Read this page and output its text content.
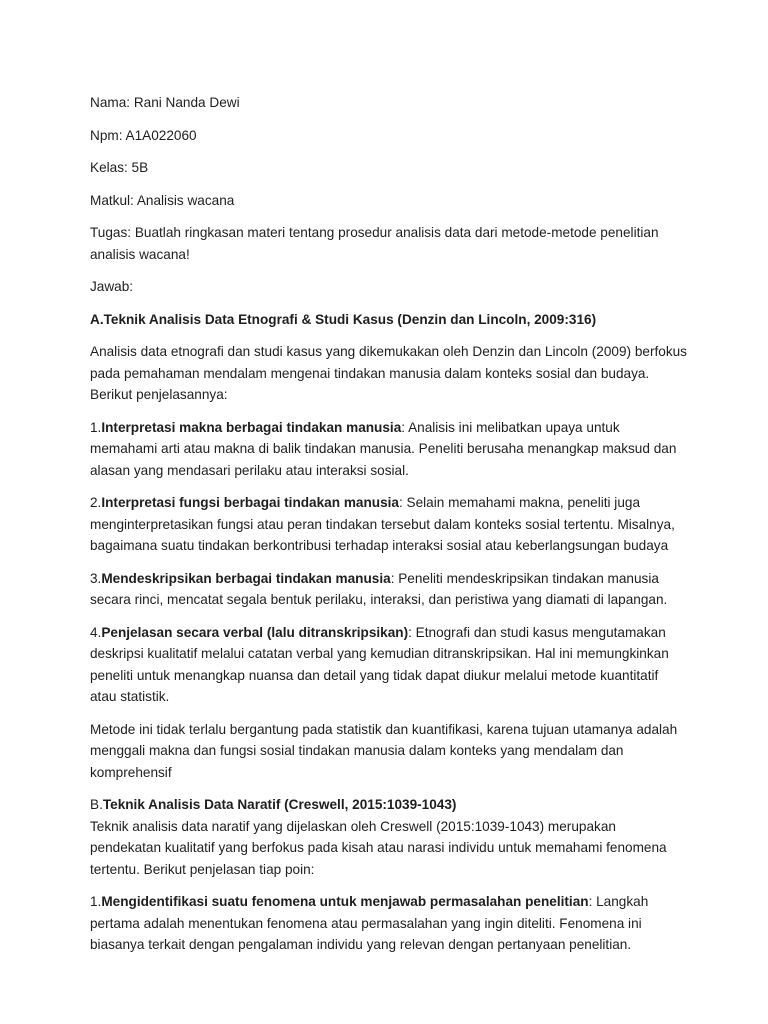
Nama: Rani Nanda Dewi

Npm: A1A022060

Kelas: 5B

Matkul: Analisis wacana

Tugas: Buatlah ringkasan materi tentang prosedur analisis data dari metode-metode penelitian analisis wacana!

Jawab:

A.Teknik Analisis Data Etnografi & Studi Kasus (Denzin dan Lincoln, 2009:316)

Analisis data etnografi dan studi kasus yang dikemukakan oleh Denzin dan Lincoln (2009) berfokus pada pemahaman mendalam mengenai tindakan manusia dalam konteks sosial dan budaya. Berikut penjelasannya:

1.Interpretasi makna berbagai tindakan manusia: Analisis ini melibatkan upaya untuk memahami arti atau makna di balik tindakan manusia. Peneliti berusaha menangkap maksud dan alasan yang mendasari perilaku atau interaksi sosial.

2.Interpretasi fungsi berbagai tindakan manusia: Selain memahami makna, peneliti juga menginterpretasikan fungsi atau peran tindakan tersebut dalam konteks sosial tertentu. Misalnya, bagaimana suatu tindakan berkontribusi terhadap interaksi sosial atau keberlangsungan budaya

3.Mendeskripsikan berbagai tindakan manusia: Peneliti mendeskripsikan tindakan manusia secara rinci, mencatat segala bentuk perilaku, interaksi, dan peristiwa yang diamati di lapangan.

4.Penjelasan secara verbal (lalu ditranskripsikan): Etnografi dan studi kasus mengutamakan deskripsi kualitatif melalui catatan verbal yang kemudian ditranskripsikan. Hal ini memungkinkan peneliti untuk menangkap nuansa dan detail yang tidak dapat diukur melalui metode kuantitatif atau statistik.

Metode ini tidak terlalu bergantung pada statistik dan kuantifikasi, karena tujuan utamanya adalah menggali makna dan fungsi sosial tindakan manusia dalam konteks yang mendalam dan komprehensif

B.Teknik Analisis Data Naratif (Creswell, 2015:1039-1043)

Teknik analisis data naratif yang dijelaskan oleh Creswell (2015:1039-1043) merupakan pendekatan kualitatif yang berfokus pada kisah atau narasi individu untuk memahami fenomena tertentu. Berikut penjelasan tiap poin:

1.Mengidentifikasi suatu fenomena untuk menjawab permasalahan penelitian: Langkah pertama adalah menentukan fenomena atau permasalahan yang ingin diteliti. Fenomena ini biasanya terkait dengan pengalaman individu yang relevan dengan pertanyaan penelitian.
